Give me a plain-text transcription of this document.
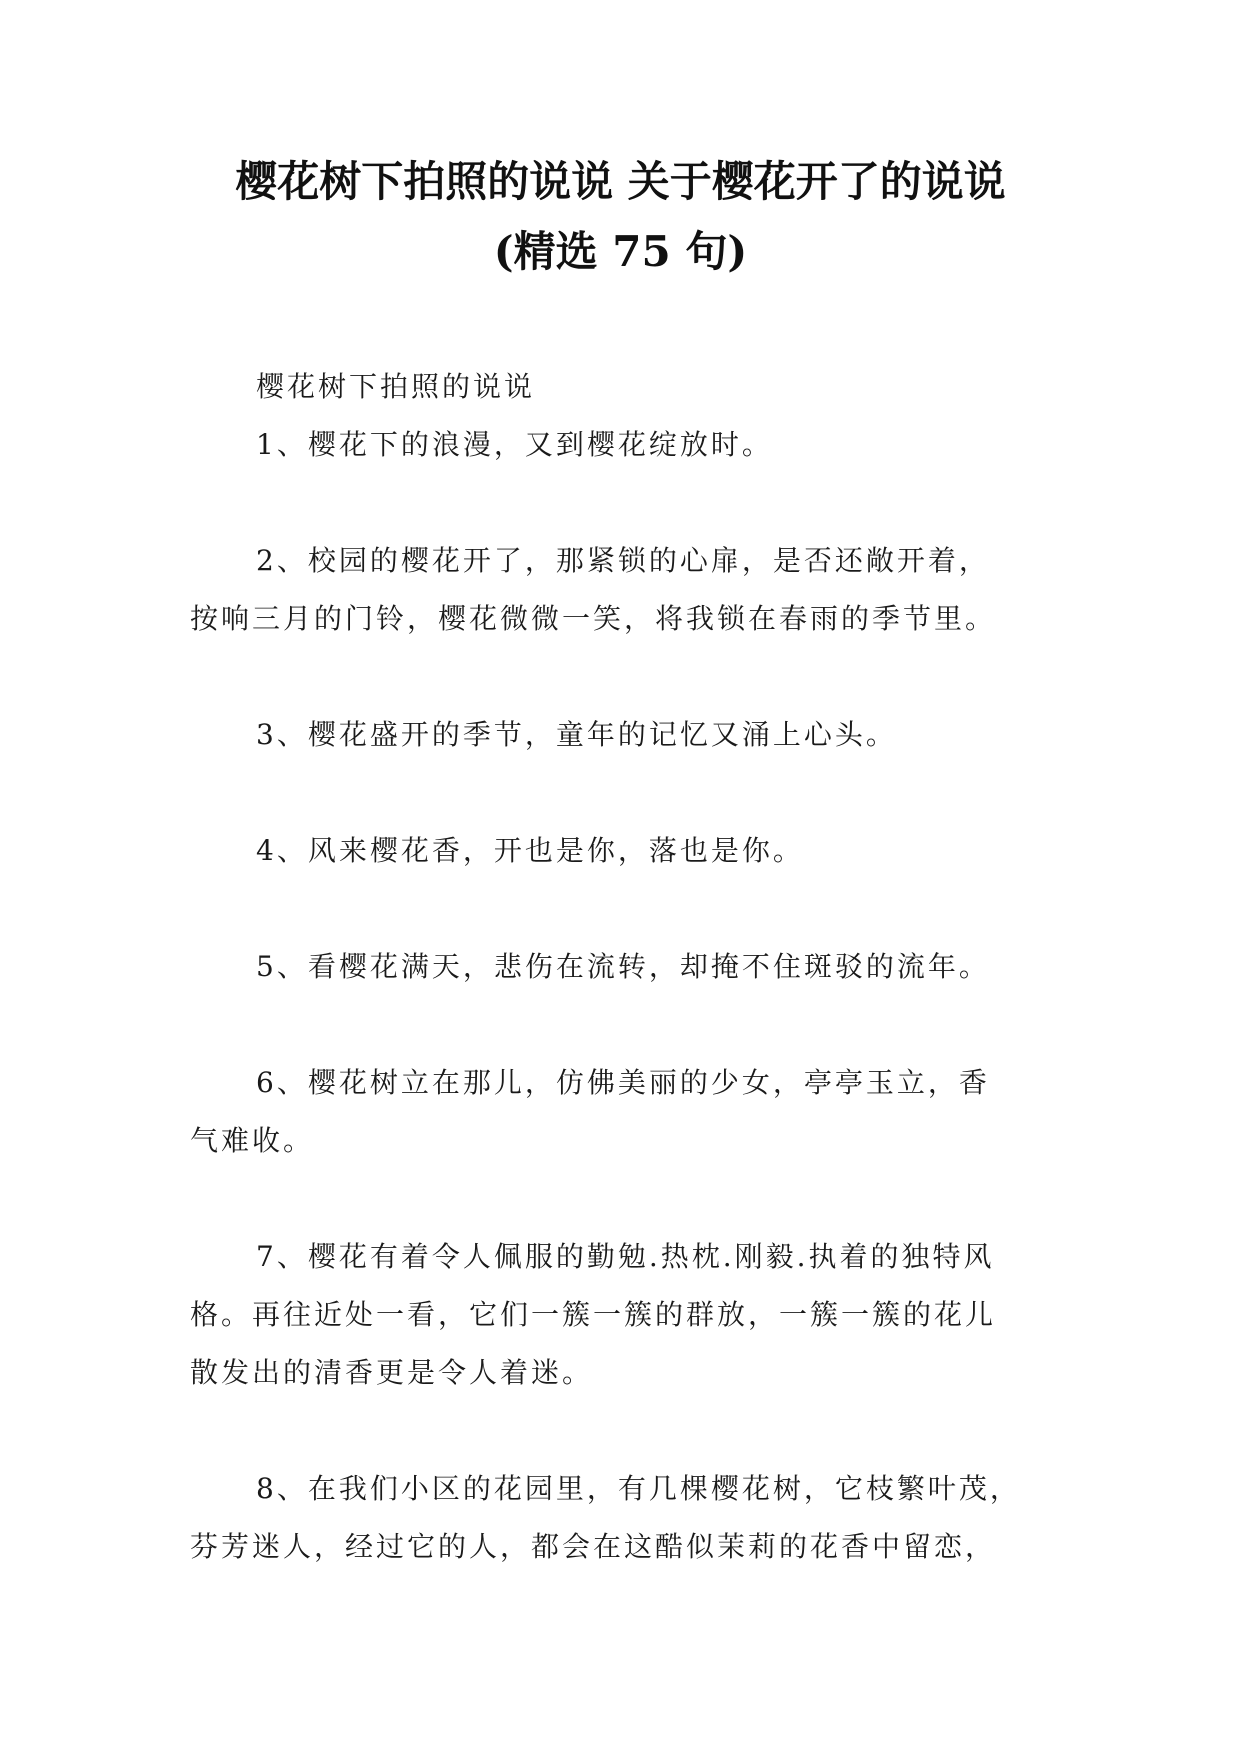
樱花树下拍照的说说 关于樱花开了的说说
(精选 75 句)
樱花树下拍照的说说
1、樱花下的浪漫，又到樱花绽放时。
2、校园的樱花开了，那紧锁的心扉，是否还敞开着，
按响三月的门铃，樱花微微一笑，将我锁在春雨的季节里。
3、樱花盛开的季节，童年的记忆又涌上心头。
4、风来樱花香，开也是你，落也是你。
5、看樱花满天，悲伤在流转，却掩不住斑驳的流年。
6、樱花树立在那儿，仿佛美丽的少女，亭亭玉立，香
气难收。
7、樱花有着令人佩服的勤勉.热枕.刚毅.执着的独特风
格。再往近处一看，它们一簇一簇的群放，一簇一簇的花儿
散发出的清香更是令人着迷。
8、在我们小区的花园里，有几棵樱花树，它枝繁叶茂，
芬芳迷人，经过它的人，都会在这酷似茉莉的花香中留恋，
